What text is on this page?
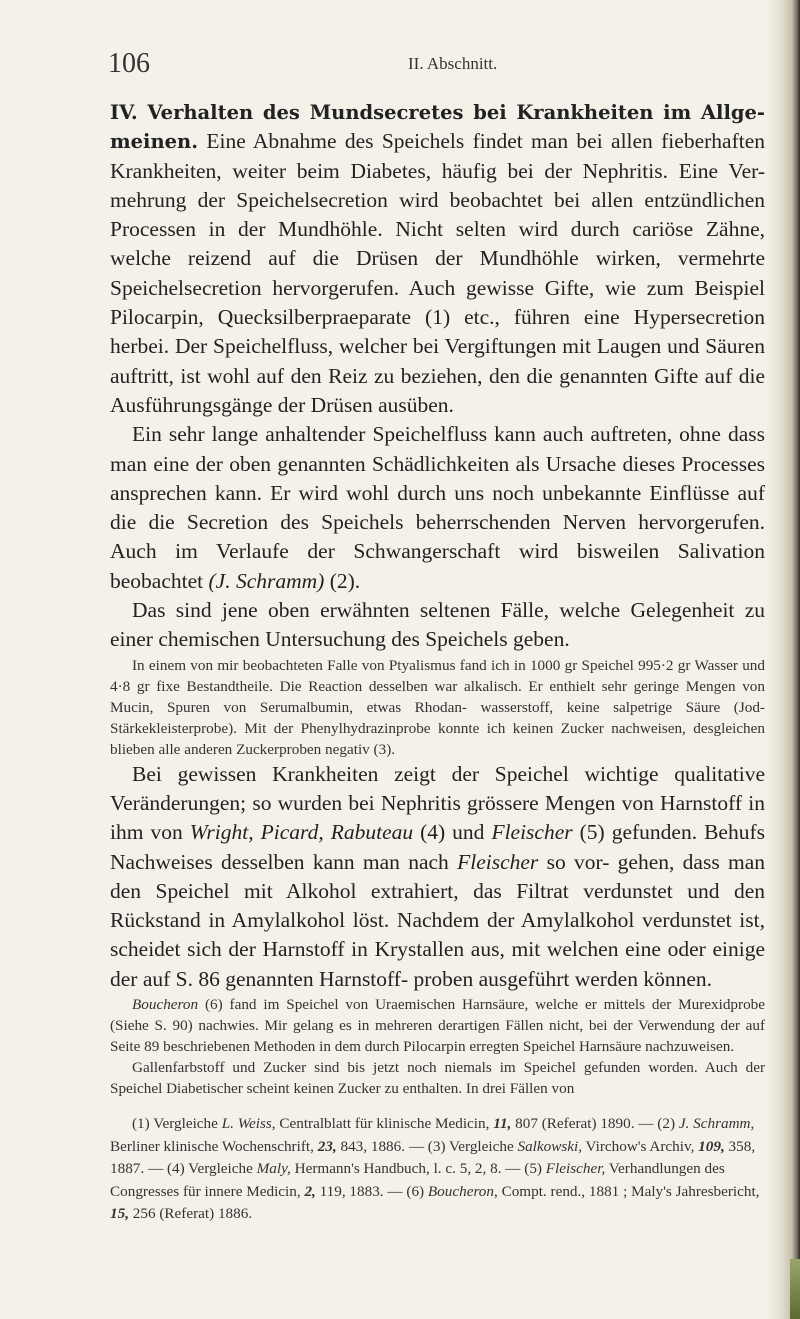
106	II. Abschnitt.

IV. Verhalten des Mundsecretes bei Krankheiten im Allge- meinen. Eine Abnahme des Speichels findet man bei allen fieberhaften Krankheiten, weiter beim Diabetes, häufig bei der Nephritis. Eine Ver- mehrung der Speichelsecretion wird beobachtet bei allen entzündlichen Processen in der Mundhöhle. Nicht selten wird durch cariöse Zähne, welche reizend auf die Drüsen der Mundhöhle wirken, vermehrte Speichelsecretion hervorgerufen. Auch gewisse Gifte, wie zum Beispiel Pilocarpin, Quecksilberpraeparate (1) etc., führen eine Hypersecretion herbei. Der Speichelfluss, welcher bei Vergiftungen mit Laugen und Säuren auftritt, ist wohl auf den Reiz zu beziehen, den die genannten Gifte auf die Ausführungsgänge der Drüsen ausüben.

Ein sehr lange anhaltender Speichelfluss kann auch auftreten, ohne dass man eine der oben genannten Schädlichkeiten als Ursache dieses Processes ansprechen kann. Er wird wohl durch uns noch unbekannte Einflüsse auf die die Secretion des Speichels beherrschenden Nerven hervorgerufen. Auch im Verlaufe der Schwangerschaft wird bisweilen Salivation beobachtet (J. Schramm) (2).

Das sind jene oben erwähnten seltenen Fälle, welche Gelegenheit zu einer chemischen Untersuchung des Speichels geben.

In einem von mir beobachteten Falle von Ptyalismus fand ich in 1000 gr Speichel 995·2 gr Wasser und 4·8 gr fixe Bestandtheile. Die Reaction desselben war alkalisch. Er enthielt sehr geringe Mengen von Mucin, Spuren von Serumalbumin, etwas Rhodan- wasserstoff, keine salpetrige Säure (Jod-Stärkekleisterprobe). Mit der Phenylhydrazinprobe konnte ich keinen Zucker nachweisen, desgleichen blieben alle anderen Zuckerproben negativ (3).

Bei gewissen Krankheiten zeigt der Speichel wichtige qualitative Veränderungen; so wurden bei Nephritis grössere Mengen von Harnstoff in ihm von Wright, Picard, Rabuteau (4) und Fleischer (5) gefunden. Behufs Nachweises desselben kann man nach Fleischer so vor- gehen, dass man den Speichel mit Alkohol extrahiert, das Filtrat verdunstet und den Rückstand in Amylalkohol löst. Nachdem der Amylalkohol verdunstet ist, scheidet sich der Harnstoff in Krystallen aus, mit welchen eine oder einige der auf S. 86 genannten Harnstoff- proben ausgeführt werden können.

Boucheron (6) fand im Speichel von Uraemischen Harnsäure, welche er mittels der Murexidprobe (Siehe S. 90) nachwies. Mir gelang es in mehreren derartigen Fällen nicht, bei der Verwendung der auf Seite 89 beschriebenen Methoden in dem durch Pilocarpin erregten Speichel Harnsäure nachzuweisen.

Gallenfarbstoff und Zucker sind bis jetzt noch niemals im Speichel gefunden worden. Auch der Speichel Diabetischer scheint keinen Zucker zu enthalten. In drei Fällen von

(1) Vergleiche L. Weiss, Centralblatt für klinische Medicin, 11, 807 (Referat) 1890. — (2) J. Schramm, Berliner klinische Wochenschrift, 23, 843, 1886. — (3) Vergleiche Salkowski, Virchow's Archiv, 109, 358, 1887. — (4) Vergleiche Maly, Hermann's Handbuch, l. c. 5, 2, 8. — (5) Fleischer, Verhandlungen des Congresses für innere Medicin, 2, 119, 1883. — (6) Boucheron, Compt. rend., 1881 ; Maly's Jahresbericht, 15, 256 (Referat) 1886.
